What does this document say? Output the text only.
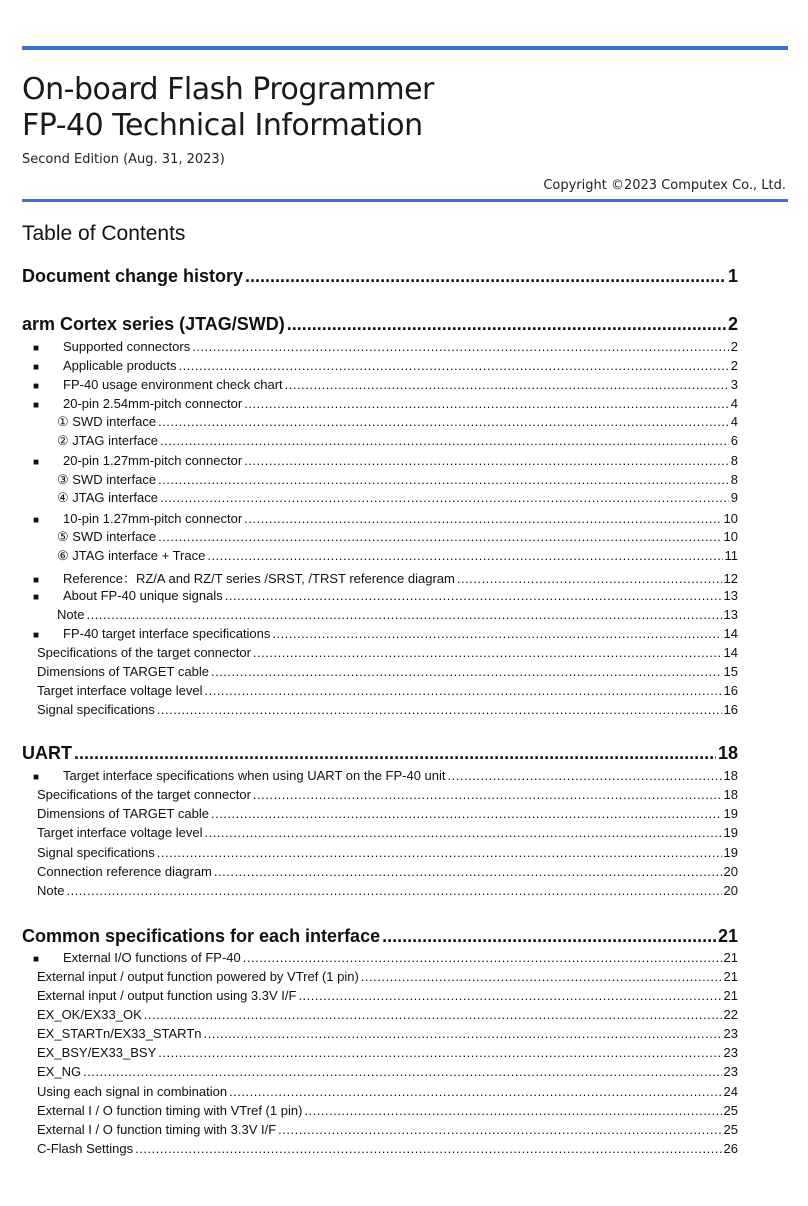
On-board Flash Programmer
FP-40 Technical Information
Second Edition (Aug. 31, 2023)
Copyright ©2023 Computex Co., Ltd.
Table of Contents
Document change history .....	1
arm Cortex series (JTAG/SWD) .....	2
■	Supported connectors .....	2
■	Applicable products .....	2
■	FP-40 usage environment check chart .....	3
■	20-pin 2.54mm-pitch connector .....	4
① SWD interface .....	4
② JTAG interface .....	6
■	20-pin 1.27mm-pitch connector .....	8
③ SWD interface .....	8
④ JTAG interface .....	9
■	10-pin 1.27mm-pitch connector .....	10
⑤ SWD interface .....	10
⑥ JTAG interface + Trace .....	11
■	Reference：RZ/A and RZ/T series /SRST, /TRST reference diagram .....	12
■	About FP-40 unique signals .....	13
Note .....	13
■	FP-40 target interface specifications .....	14
Specifications of the target connector .....	14
Dimensions of TARGET cable .....	15
Target interface voltage level .....	16
Signal specifications .....	16
UART .....	18
■	Target interface specifications when using UART on the FP-40 unit .....	18
Specifications of the target connector .....	18
Dimensions of TARGET cable .....	19
Target interface voltage level .....	19
Signal specifications .....	19
Connection reference diagram .....	20
Note .....	20
Common specifications for each interface .....	21
■	External I/O functions of FP-40 .....	21
External input / output function powered by VTref (1 pin) .....	21
External input / output function using 3.3V I/F .....	21
EX_OK/EX33_OK .....	22
EX_STARTn/EX33_STARTn .....	23
EX_BSY/EX33_BSY .....	23
EX_NG .....	23
Using each signal in combination .....	24
External I / O function timing with VTref (1 pin) .....	25
External I / O function timing with 3.3V I/F .....	25
C-Flash Settings .....	26
